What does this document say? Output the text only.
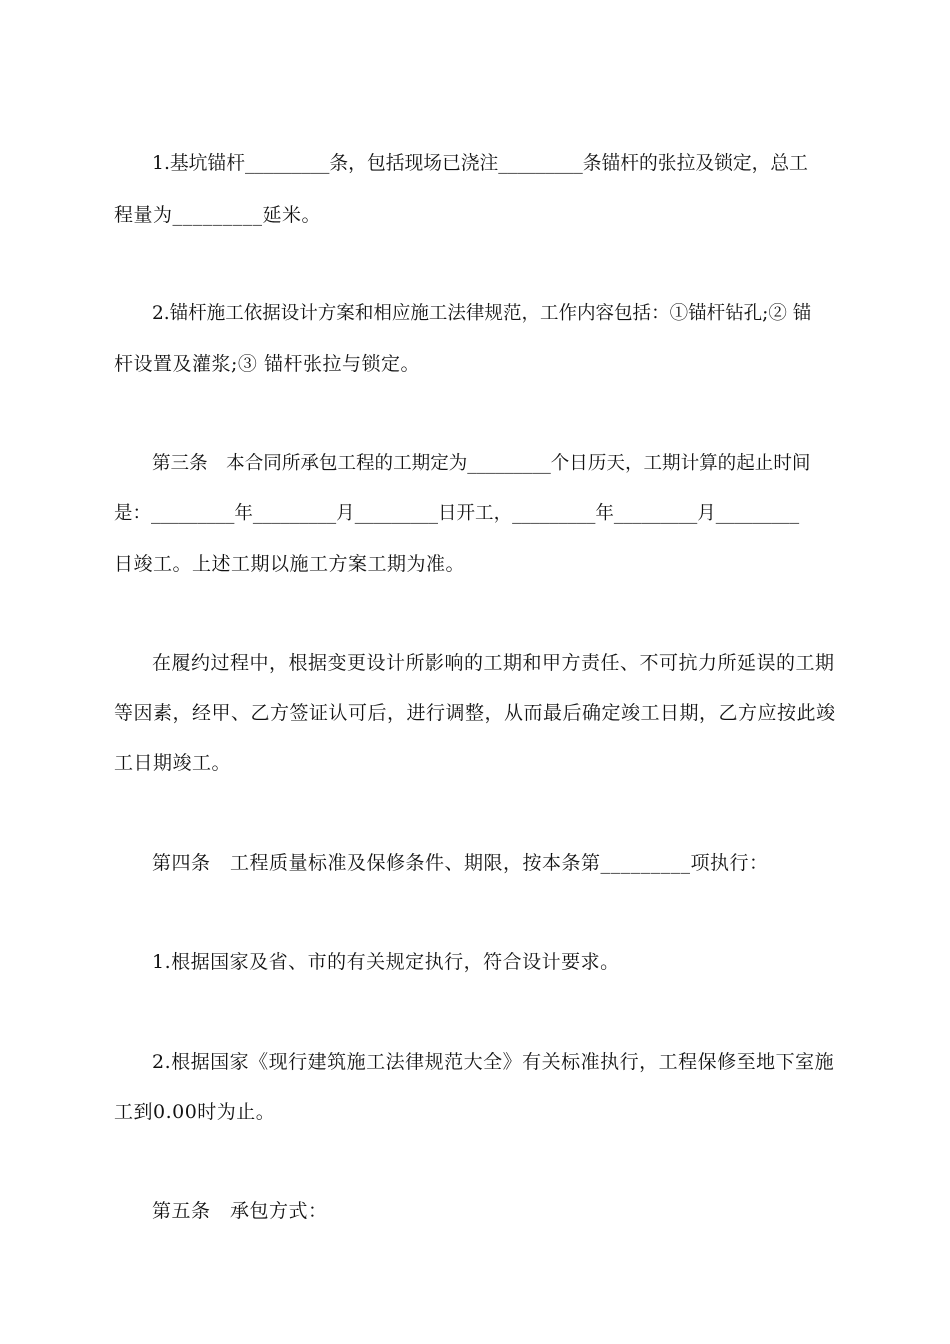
1.基坑锚杆_________条，包括现场已浇注_________条锚杆的张拉及锁定，总工
程量为_________延米。
2.锚杆施工依据设计方案和相应施工法律规范，工作内容包括：①锚杆钻孔;② 锚
杆设置及灌浆;③ 锚杆张拉与锁定。
第三条　本合同所承包工程的工期定为_________个日历天，工期计算的起止时间
是：_________年_________月_________日开工，_________年_________月_________
日竣工。上述工期以施工方案工期为准。
在履约过程中，根据变更设计所影响的工期和甲方责任、不可抗力所延误的工期
等因素，经甲、乙方签证认可后，进行调整，从而最后确定竣工日期，乙方应按此竣
工日期竣工。
第四条　工程质量标准及保修条件、期限，按本条第_________项执行：
1.根据国家及省、市的有关规定执行，符合设计要求。
2.根据国家《现行建筑施工法律规范大全》有关标准执行，工程保修至地下室施
工到0.00时为止。
第五条　承包方式：
